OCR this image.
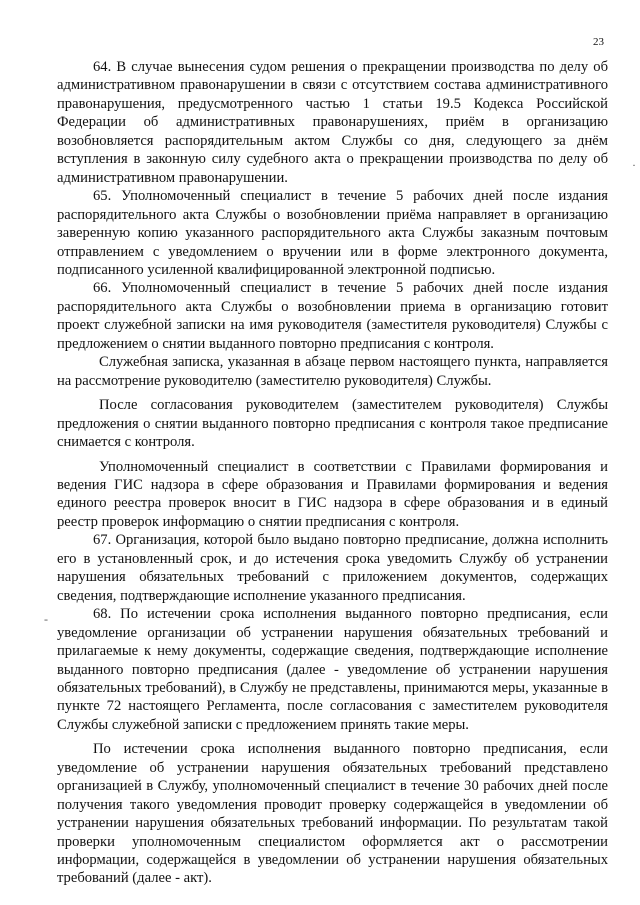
23

64. В случае вынесения судом решения о прекращении производства по делу об административном правонарушении в связи с отсутствием состава административного правонарушения, предусмотренного частью 1 статьи 19.5 Кодекса Российской Федерации об административных правонарушениях, приём в организацию возобновляется распорядительным актом Службы со дня, следующего за днём вступления в законную силу судебного акта о прекращении производства по делу об административном правонарушении.

65. Уполномоченный специалист в течение 5 рабочих дней после издания распорядительного акта Службы о возобновлении приёма направляет в организацию заверенную копию указанного распорядительного акта Службы заказным почтовым отправлением с уведомлением о вручении или в форме электронного документа, подписанного усиленной квалифицированной электронной подписью.

66. Уполномоченный специалист в течение 5 рабочих дней после издания распорядительного акта Службы о возобновлении приема в организацию готовит проект служебной записки на имя руководителя (заместителя руководителя) Службы с предложением о снятии выданного повторно предписания с контроля.

Служебная записка, указанная в абзаце первом настоящего пункта, направляется на рассмотрение руководителю (заместителю руководителя) Службы.

После согласования руководителем (заместителем руководителя) Службы предложения о снятии выданного повторно предписания с контроля такое предписание снимается с контроля.

Уполномоченный специалист в соответствии с Правилами формирования и ведения ГИС надзора в сфере образования и Правилами формирования и ведения единого реестра проверок вносит в ГИС надзора в сфере образования и в единый реестр проверок информацию о снятии предписания с контроля.

67. Организация, которой было выдано повторно предписание, должна исполнить его в установленный срок, и до истечения срока уведомить Службу об устранении нарушения обязательных требований с приложением документов, содержащих сведения, подтверждающие исполнение указанного предписания.

68. По истечении срока исполнения выданного повторно предписания, если уведомление организации об устранении нарушения обязательных требований и прилагаемые к нему документы, содержащие сведения, подтверждающие исполнение выданного повторно предписания (далее - уведомление об устранении нарушения обязательных требований), в Службу не представлены, принимаются меры, указанные в пункте 72 настоящего Регламента, после согласования с заместителем руководителя Службы служебной записки с предложением принять такие меры.

По истечении срока исполнения выданного повторно предписания, если уведомление об устранении нарушения обязательных требований представлено организацией в Службу, уполномоченный специалист в течение 30 рабочих дней после получения такого уведомления проводит проверку содержащейся в уведомлении об устранении нарушения обязательных требований информации. По результатам такой проверки уполномоченным специалистом оформляется акт о рассмотрении информации, содержащейся в уведомлении об устранении нарушения обязательных требований (далее - акт).

·
-
